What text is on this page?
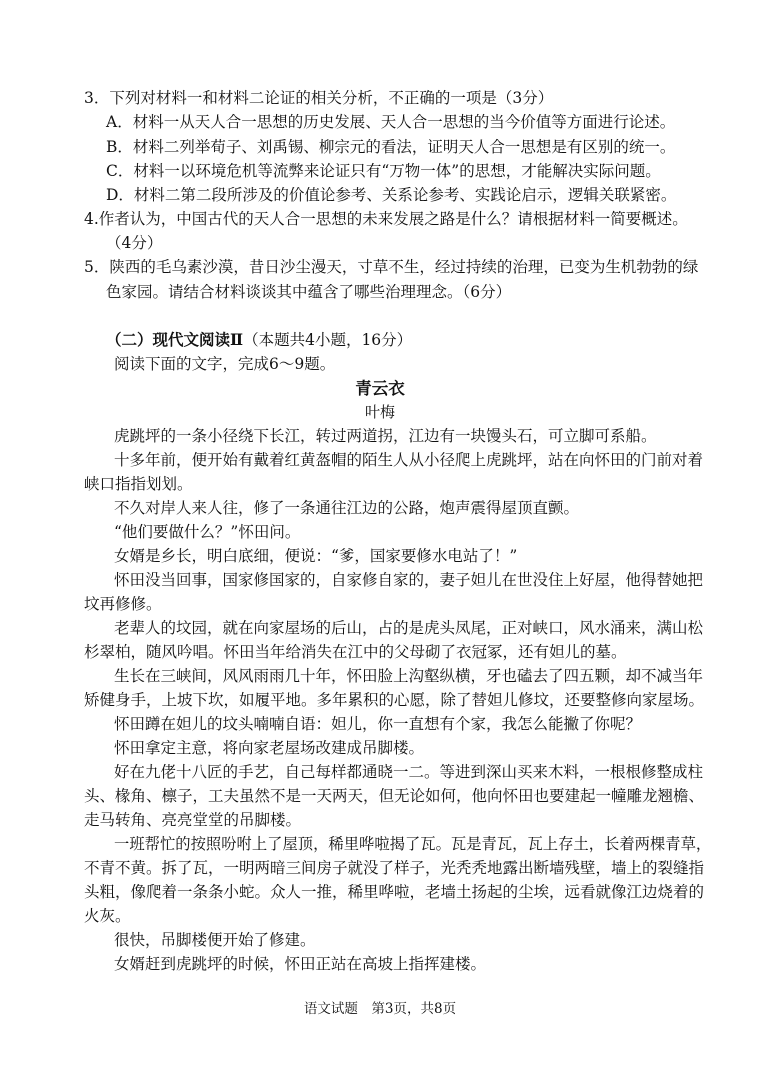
3．下列对材料一和材料二论证的相关分析，不正确的一项是（3分）
A．材料一从天人合一思想的历史发展、天人合一思想的当今价值等方面进行论述。
B．材料二列举荀子、刘禹锡、柳宗元的看法，证明天人合一思想是有区别的统一。
C．材料一以环境危机等流弊来论证只有“万物一体”的思想，才能解决实际问题。
D．材料二第二段所涉及的价值论参考、关系论参考、实践论启示，逻辑关联紧密。
4.作者认为，中国古代的天人合一思想的未来发展之路是什么？请根据材料一简要概述。
（4分）
5．陕西的毛乌素沙漠，昔日沙尘漫天，寸草不生，经过持续的治理，已变为生机勃勃的绿
色家园。请结合材料谈谈其中蕴含了哪些治理理念。（6分）
（二）现代文阅读Ⅱ（本题共4小题，16分）
阅读下面的文字，完成6～9题。
青云衣
叶梅
虎跳坪的一条小径绕下长江，转过两道拐，江边有一块馒头石，可立脚可系船。
十多年前，便开始有戴着红黄盔帽的陌生人从小径爬上虎跳坪，站在向怀田的门前对着
峡口指指划划。
不久对岸人来人往，修了一条通往江边的公路，炮声震得屋顶直颤。
“他们要做什么？”怀田问。
女婿是乡长，明白底细，便说：“爹，国家要修水电站了！”
怀田没当回事，国家修国家的，自家修自家的，妻子妲儿在世没住上好屋，他得替她把
坟再修修。
老辈人的坟园，就在向家屋场的后山，占的是虎头凤尾，正对峡口，风水涌来，满山松
杉翠柏，随风吟唱。怀田当年给消失在江中的父母砌了衣冠冢，还有妲儿的墓。
生长在三峡间，风风雨雨几十年，怀田脸上沟壑纵横，牙也磕去了四五颗，却不减当年
矫健身手，上坡下坎，如履平地。多年累积的心愿，除了替妲儿修坟，还要整修向家屋场。
怀田蹲在妲儿的坟头喃喃自语：妲儿，你一直想有个家，我怎么能撇了你呢？
怀田拿定主意，将向家老屋场改建成吊脚楼。
好在九佬十八匠的手艺，自己每样都通晓一二。等进到深山买来木料，一根根修整成柱
头、椽角、檩子，工夫虽然不是一天两天，但无论如何，他向怀田也要建起一幢雕龙翘檐、
走马转角、亮亮堂堂的吊脚楼。
一班帮忙的按照吩咐上了屋顶，稀里哗啦揭了瓦。瓦是青瓦，瓦上存土，长着两棵青草，
不青不黄。拆了瓦，一明两暗三间房子就没了样子，光秃秃地露出断墙残壁，墙上的裂缝指
头粗，像爬着一条条小蛇。众人一推，稀里哗啦，老墙土扬起的尘埃，远看就像江边烧着的
火灰。
很快，吊脚楼便开始了修建。
女婿赶到虎跳坪的时候，怀田正站在高坡上指挥建楼。
语文试题　第3页，共8页
